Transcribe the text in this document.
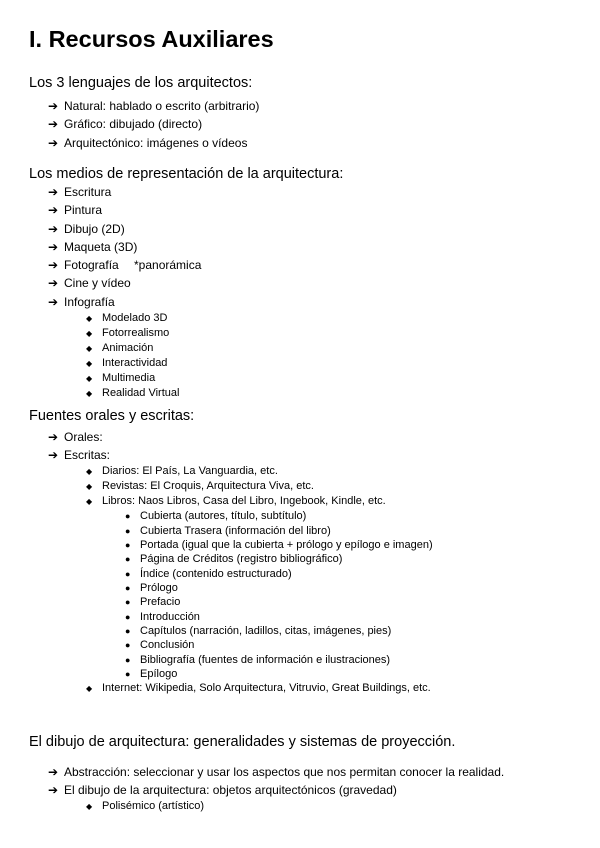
I. Recursos Auxiliares

Los 3 lenguajes de los arquitectos:

➔ Natural: hablado o escrito (arbitrario)
➔ Gráfico: dibujado (directo)
➔ Arquitectónico: imágenes o vídeos

Los medios de representación de la arquitectura:

➔ Escritura
➔ Pintura
➔ Dibujo (2D)
➔ Maqueta (3D)
➔ Fotografía *panorámica
➔ Cine y vídeo
➔ Infografía
◆ Modelado 3D
◆ Fotorrealismo
◆ Animación
◆ Interactividad
◆ Multimedia
◆ Realidad Virtual

Fuentes orales y escritas:

➔ Orales:
➔ Escritas:
◆ Diarios: El País, La Vanguardia, etc.
◆ Revistas: El Croquis, Arquitectura Viva, etc.
◆ Libros: Naos Libros, Casa del Libro, Ingebook, Kindle, etc.
● Cubierta (autores, título, subtítulo)
● Cubierta Trasera (información del libro)
● Portada (igual que la cubierta + prólogo y epílogo e imagen)
● Página de Créditos (registro bibliográfico)
● Índice (contenido estructurado)
● Prólogo
● Prefacio
● Introducción
● Capítulos (narración, ladillos, citas, imágenes, pies)
● Conclusión
● Bibliografía (fuentes de información e ilustraciones)
● Epílogo
◆ Internet: Wikipedia, Solo Arquitectura, Vitruvio, Great Buildings, etc.

El dibujo de arquitectura: generalidades y sistemas de proyección.

➔ Abstracción: seleccionar y usar los aspectos que nos permitan conocer la realidad.
➔ El dibujo de la arquitectura: objetos arquitectónicos (gravedad)
◆ Polisémico (artístico)
